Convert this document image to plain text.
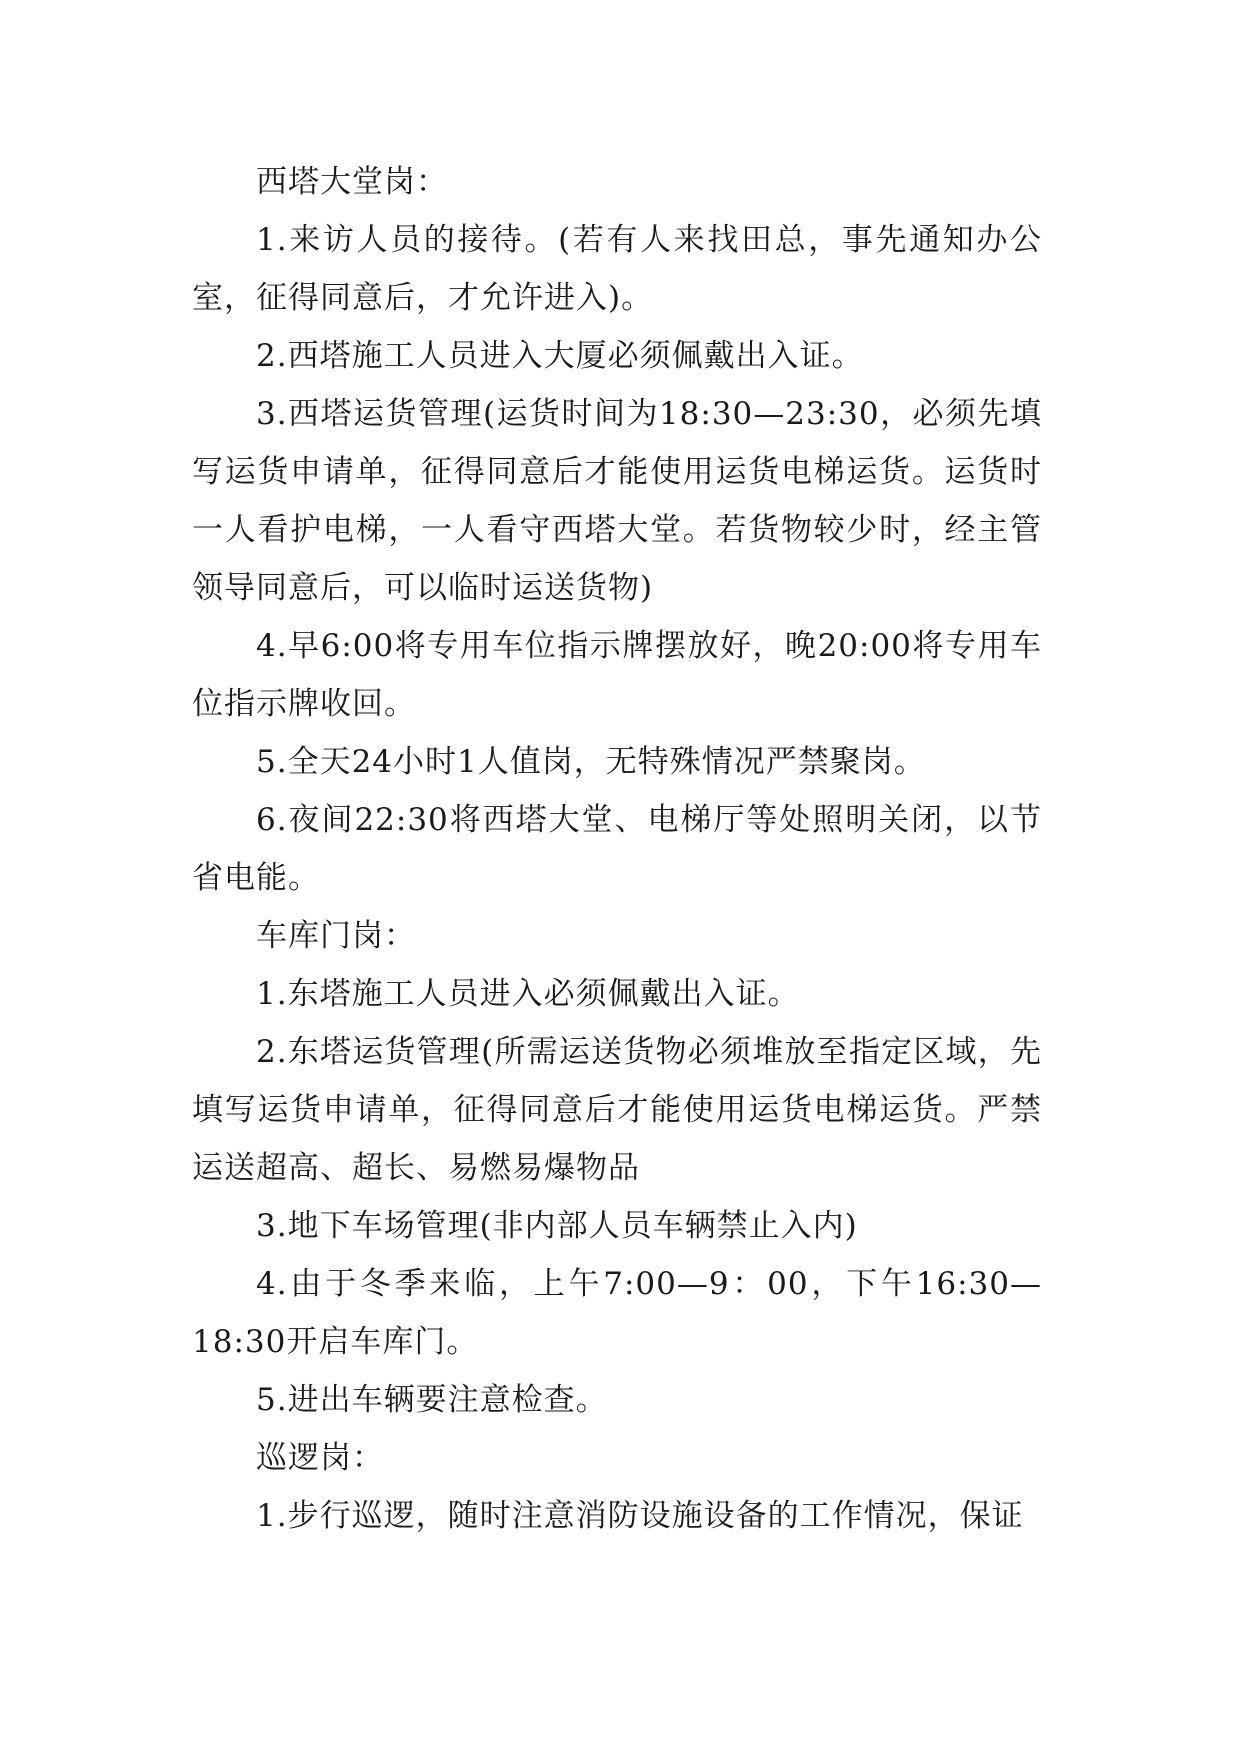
西塔大堂岗：

1.来访人员的接待。(若有人来找田总，事先通知办公室，征得同意后，才允许进入)。

2.西塔施工人员进入大厦必须佩戴出入证。

3.西塔运货管理(运货时间为18:30—23:30，必须先填写运货申请单，征得同意后才能使用运货电梯运货。运货时一人看护电梯，一人看守西塔大堂。若货物较少时，经主管领导同意后，可以临时运送货物)

4.早6:00将专用车位指示牌摆放好，晚20:00将专用车位指示牌收回。

5.全天24小时1人值岗，无特殊情况严禁聚岗。

6.夜间22:30将西塔大堂、电梯厅等处照明关闭，以节省电能。

车库门岗：

1.东塔施工人员进入必须佩戴出入证。

2.东塔运货管理(所需运送货物必须堆放至指定区域，先填写运货申请单，征得同意后才能使用运货电梯运货。严禁运送超高、超长、易燃易爆物品

3.地下车场管理(非内部人员车辆禁止入内)

4.由于冬季来临，上午7:00—9：00，下午16:30—18:30开启车库门。

5.进出车辆要注意检查。

巡逻岗：

1.步行巡逻，随时注意消防设施设备的工作情况，保证
